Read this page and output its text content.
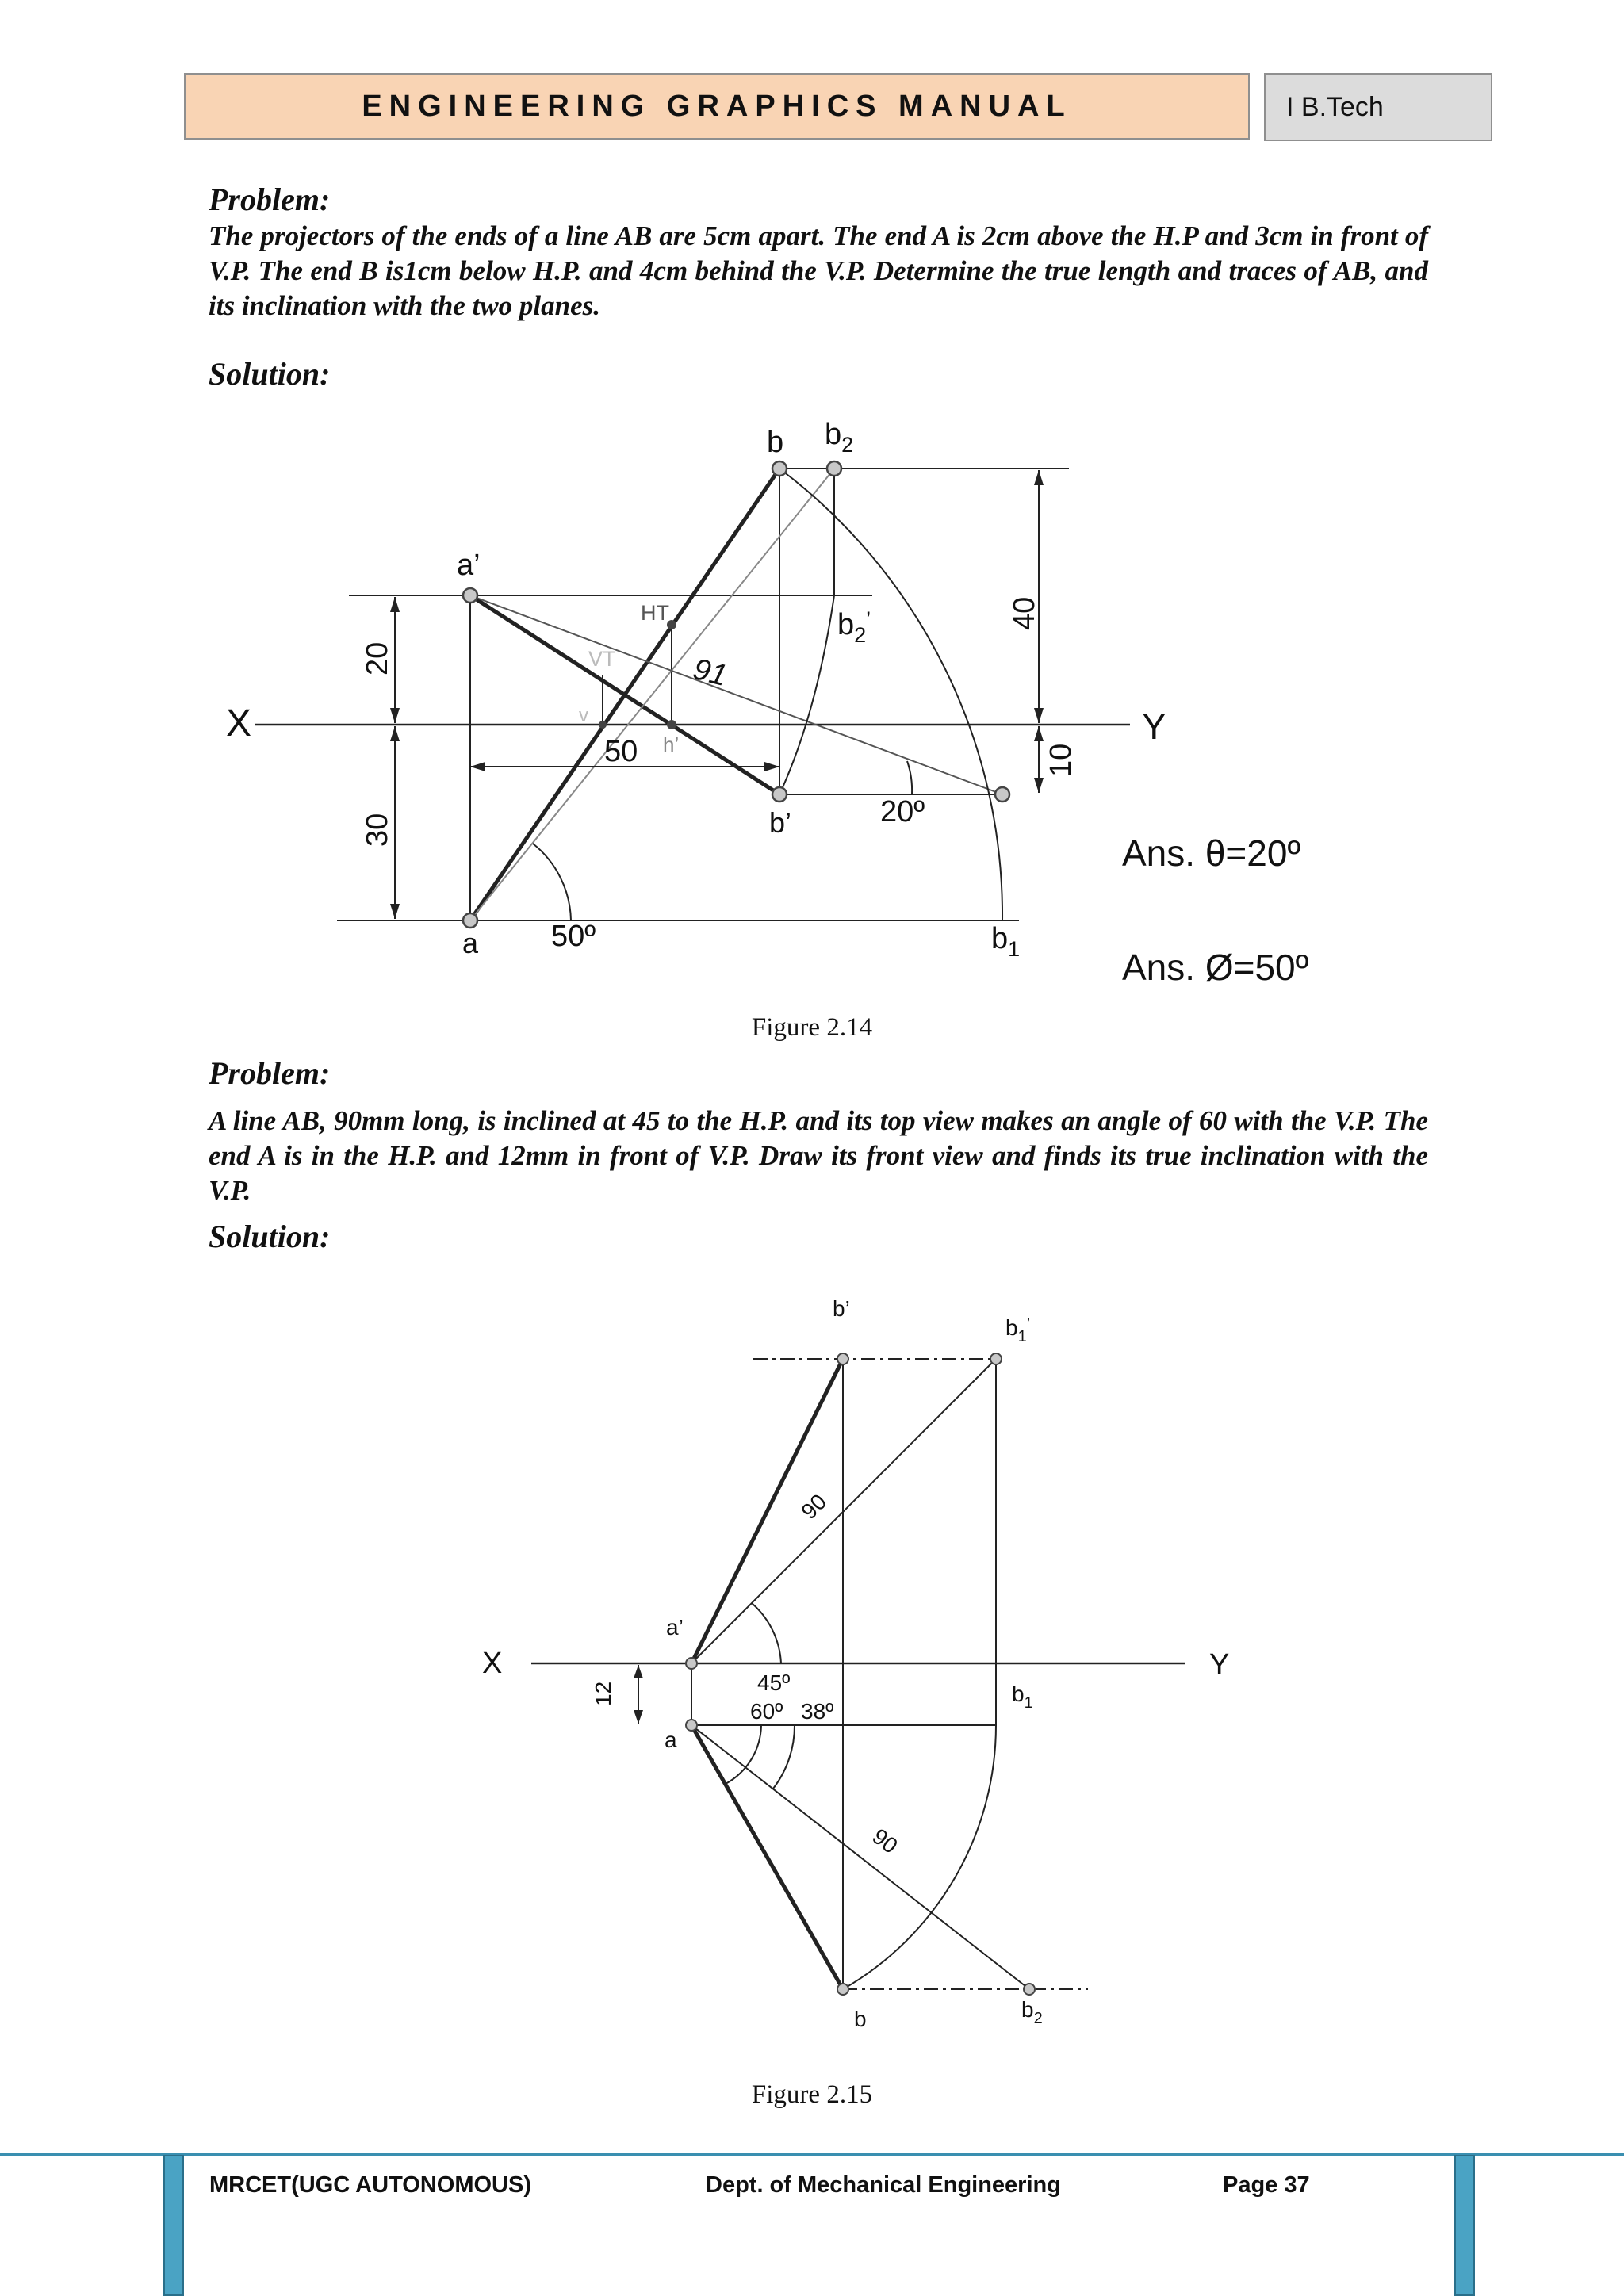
ENGINEERING GRAPHICS MANUAL	I B.Tech

Problem:

The projectors of the ends of a line AB are 5cm apart. The end A is 2cm above the H.P and 3cm in front of V.P. The end B is1cm below H.P. and 4cm behind the V.P. Determine the true length and traces of AB, and its inclination with the two planes.

Solution:

X	Y
a’
b $b_2$
$b_2^’$
HT
VT
v
h’
50
91
b’	20º
a 50º	$b_1$
20
30
40
10
Ans. θ=20º
Ans. Ø=50º
Figure 2.14

Problem:

A line AB, 90mm long, is inclined at 45 to the H.P. and its top view makes an angle of 60 with the V.P. The end A is in the H.P. and 12mm in front of V.P. Draw its front view and finds its true inclination with the V.P.

Solution:

X	Y
b’
$b_1^’$
a’
a
$b_1$
b	$b_2$
12
90
90
45º
60º 38º
Figure 2.15
MRCET(UGC AUTONOMOUS)	Dept. of Mechanical Engineering	Page 37
